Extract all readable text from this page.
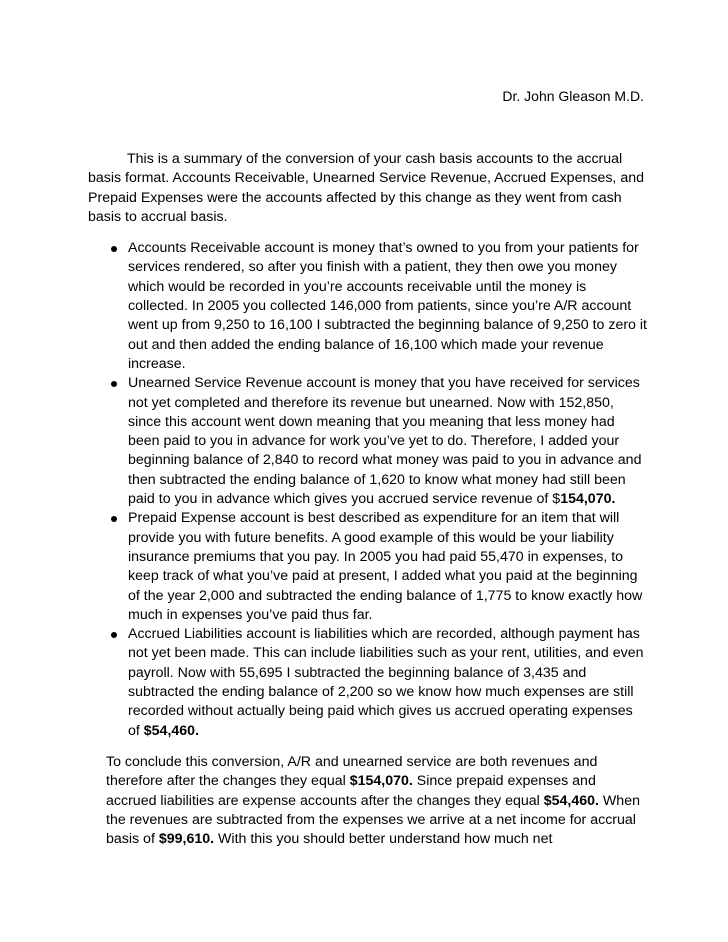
Dr. John Gleason M.D.

This is a summary of the conversion of your cash basis accounts to the accrual basis format. Accounts Receivable, Unearned Service Revenue, Accrued Expenses, and Prepaid Expenses were the accounts affected by this change as they went from cash basis to accrual basis.

Accounts Receivable account is money that’s owned to you from your patients for services rendered, so after you finish with a patient, they then owe you money which would be recorded in you’re accounts receivable until the money is collected. In 2005 you collected 146,000 from patients, since you’re A/R account went up from 9,250 to 16,100 I subtracted the beginning balance of 9,250 to zero it out and then added the ending balance of 16,100 which made your revenue increase.
Unearned Service Revenue account is money that you have received for services not yet completed and therefore its revenue but unearned. Now with 152,850, since this account went down meaning that you meaning that less money had been paid to you in advance for work you’ve yet to do. Therefore, I added your beginning balance of 2,840 to record what money was paid to you in advance and then subtracted the ending balance of 1,620 to know what money had still been paid to you in advance which gives you accrued service revenue of $154,070.
Prepaid Expense account is best described as expenditure for an item that will provide you with future benefits. A good example of this would be your liability insurance premiums that you pay. In 2005 you had paid 55,470 in expenses, to keep track of what you’ve paid at present, I added what you paid at the beginning of the year 2,000 and subtracted the ending balance of 1,775 to know exactly how much in expenses you’ve paid thus far.
Accrued Liabilities account is liabilities which are recorded, although payment has not yet been made. This can include liabilities such as your rent, utilities, and even payroll. Now with 55,695 I subtracted the beginning balance of 3,435 and subtracted the ending balance of 2,200 so we know how much expenses are still recorded without actually being paid which gives us accrued operating expenses of $54,460.

To conclude this conversion, A/R and unearned service are both revenues and therefore after the changes they equal $154,070. Since prepaid expenses and accrued liabilities are expense accounts after the changes they equal $54,460. When the revenues are subtracted from the expenses we arrive at a net income for accrual basis of $99,610. With this you should better understand how much net
